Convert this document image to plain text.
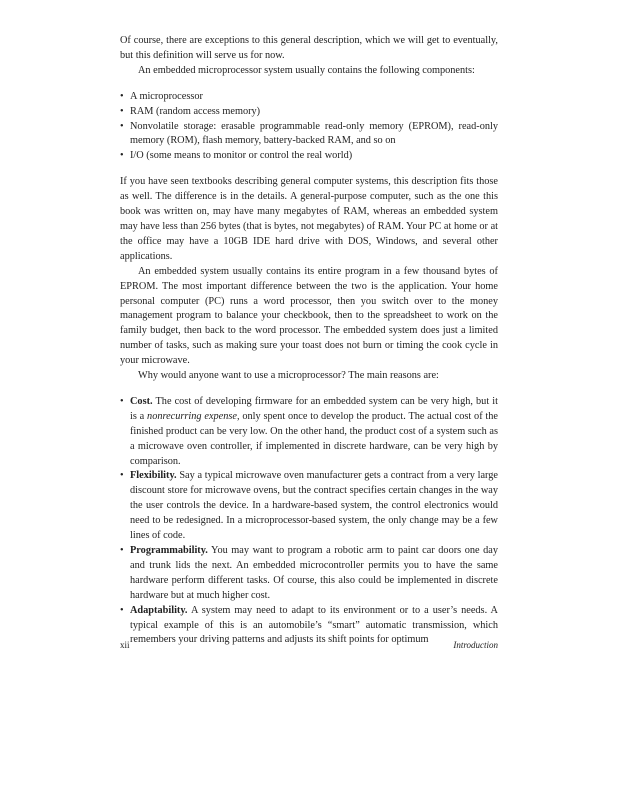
Of course, there are exceptions to this general description, which we will get to eventually, but this definition will serve us for now.

An embedded microprocessor system usually contains the following components:

• A microprocessor
• RAM (random access memory)
• Nonvolatile storage: erasable programmable read-only memory (EPROM), read-only memory (ROM), flash memory, battery-backed RAM, and so on
• I/O (some means to monitor or control the real world)

If you have seen textbooks describing general computer systems, this description fits those as well. The difference is in the details. A general-purpose computer, such as the one this book was written on, may have many megabytes of RAM, whereas an embedded system may have less than 256 bytes (that is bytes, not megabytes) of RAM. Your PC at home or at the office may have a 10GB IDE hard drive with DOS, Windows, and several other applications.

An embedded system usually contains its entire program in a few thousand bytes of EPROM. The most important difference between the two is the application. Your home personal computer (PC) runs a word processor, then you switch over to the money management program to balance your checkbook, then to the spreadsheet to work on the family budget, then back to the word processor. The embedded system does just a limited number of tasks, such as making sure your toast does not burn or timing the cook cycle in your microwave.

Why would anyone want to use a microprocessor? The main reasons are:

• Cost. The cost of developing firmware for an embedded system can be very high, but it is a nonrecurring expense, only spent once to develop the product. The actual cost of the finished product can be very low. On the other hand, the product cost of a system such as a microwave oven controller, if implemented in discrete hardware, can be very high by comparison.
• Flexibility. Say a typical microwave oven manufacturer gets a contract from a very large discount store for microwave ovens, but the contract specifies certain changes in the way the user controls the device. In a hardware-based system, the control electronics would need to be redesigned. In a microprocessor-based system, the only change may be a few lines of code.
• Programmability. You may want to program a robotic arm to paint car doors one day and trunk lids the next. An embedded microcontroller permits you to have the same hardware perform different tasks. Of course, this also could be implemented in discrete hardware but at much higher cost.
• Adaptability. A system may need to adapt to its environment or to a user’s needs. A typical example of this is an automobile’s “smart” automatic transmission, which remembers your driving patterns and adjusts its shift points for optimum
xii	Introduction
